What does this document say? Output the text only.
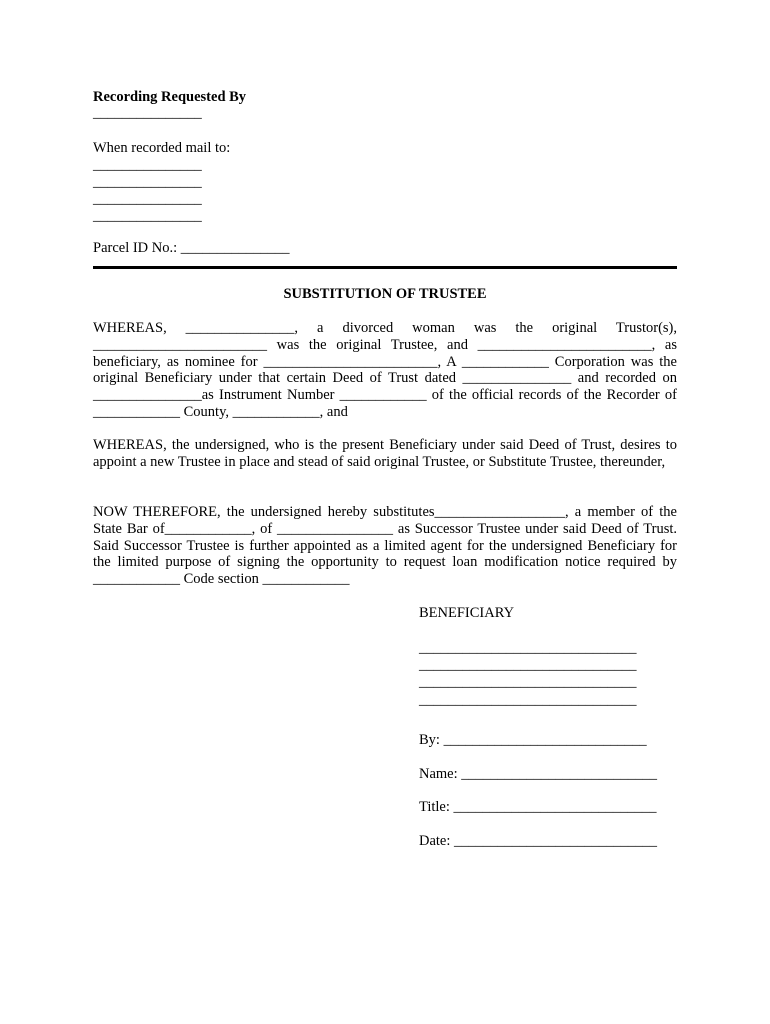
Recording Requested By
_______________
When recorded mail to:
_______________
_______________
_______________
_______________
Parcel ID No.: _______________
SUBSTITUTION OF TRUSTEE
WHEREAS, _______________, a divorced woman was the original Trustor(s), ________________________ was the original Trustee, and ________________________, as beneficiary, as nominee for ________________________, A ____________ Corporation was the original Beneficiary under that certain Deed of Trust dated _______________ and recorded on _______________as Instrument Number ____________ of the official records of the Recorder of ____________ County, ____________, and
WHEREAS, the undersigned, who is the present Beneficiary under said Deed of Trust, desires to appoint a new Trustee in place and stead of said original Trustee, or Substitute Trustee, thereunder,
NOW THEREFORE, the undersigned hereby substitutes__________________, a member of the State Bar of____________, of ________________ as Successor Trustee under said Deed of Trust. Said Successor Trustee is further appointed as a limited agent for the undersigned Beneficiary for the limited purpose of signing the opportunity to request loan modification notice required by ____________ Code section ____________
BENEFICIARY
______________________________
______________________________
______________________________
______________________________
By: ____________________________
Name: ___________________________
Title: ____________________________
Date: ____________________________
